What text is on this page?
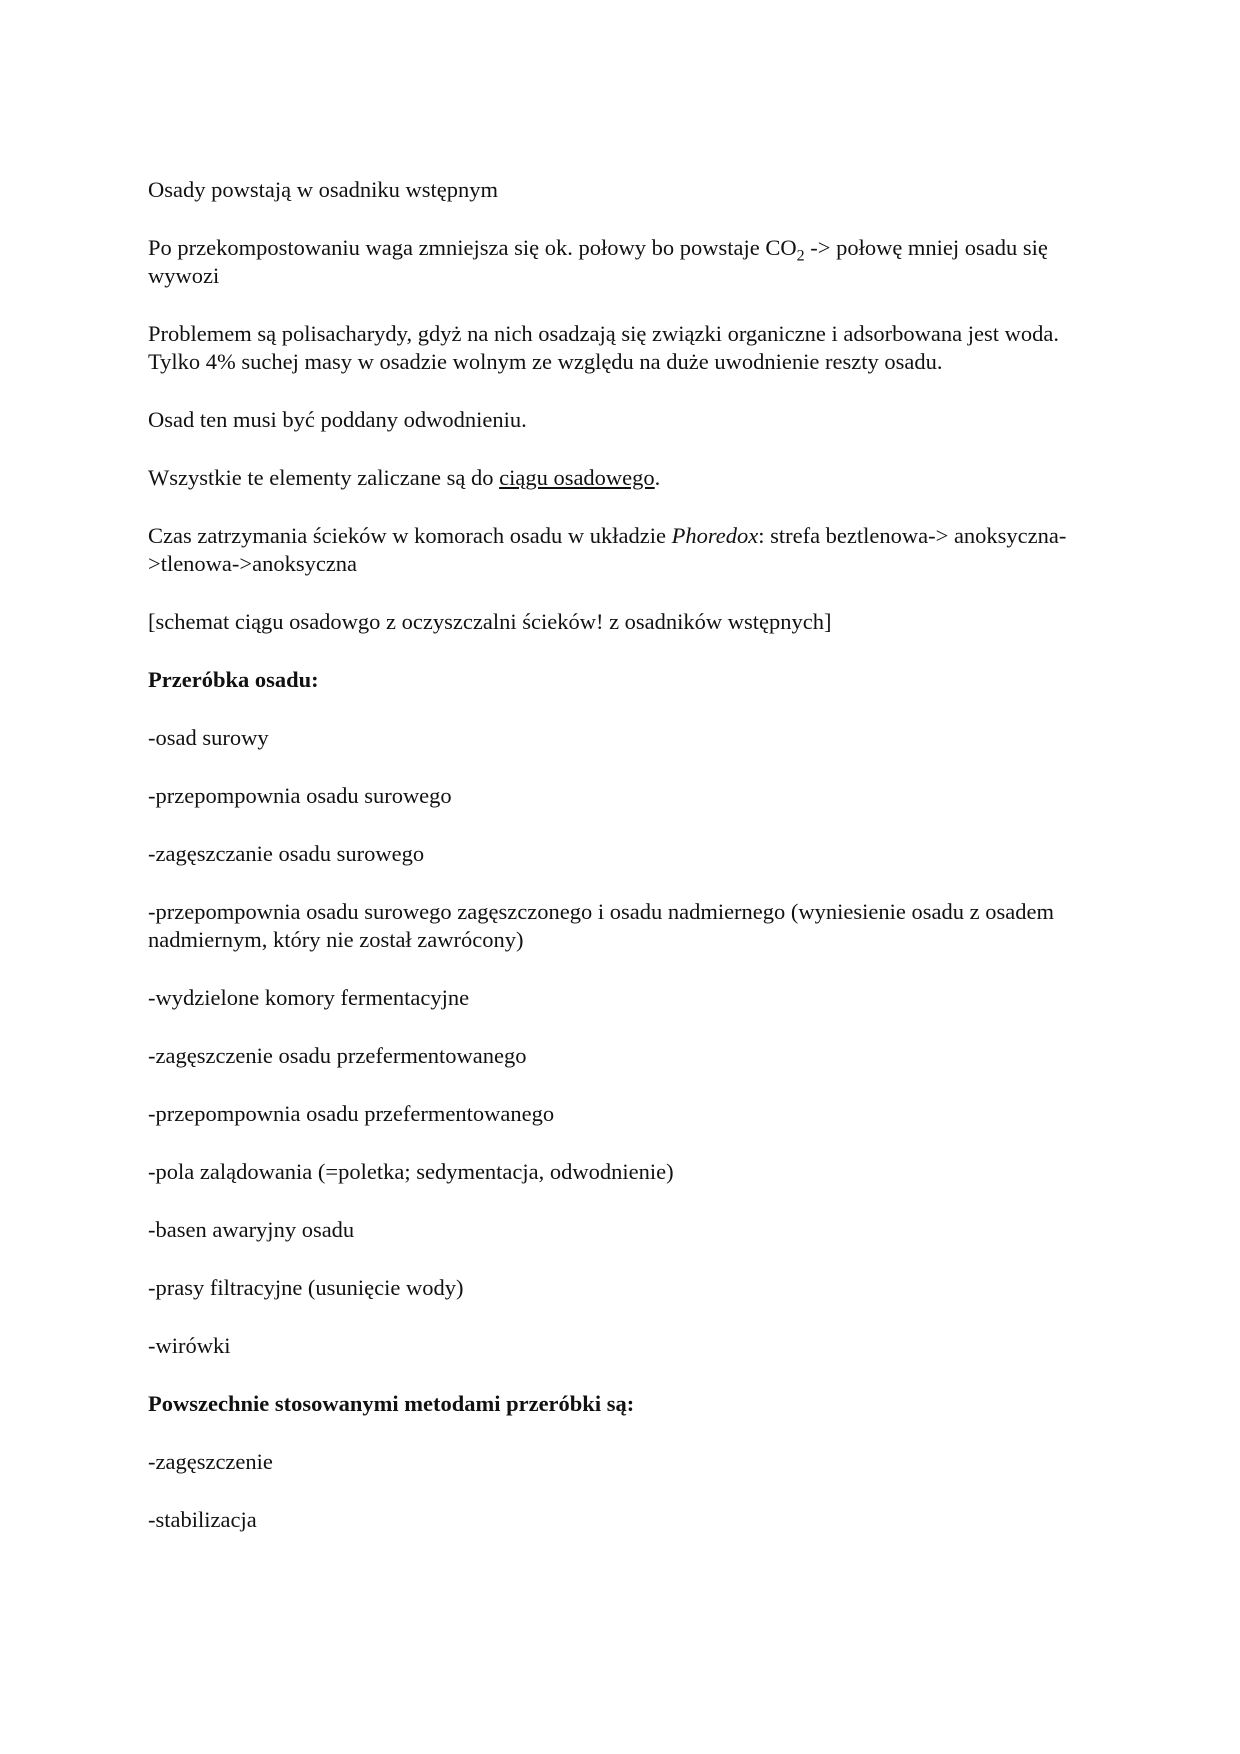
Osady powstają w osadniku wstępnym

Po przekompostowaniu waga zmniejsza się ok. połowy bo powstaje $CO_2$ -> połowę mniej osadu się wywozi

Problemem są polisacharydy, gdyż na nich osadzają się związki organiczne i adsorbowana jest woda. Tylko 4% suchej masy w osadzie wolnym ze względu na duże uwodnienie reszty osadu.

Osad ten musi być poddany odwodnieniu.

Wszystkie te elementy zaliczane są do ciągu osadowego.

Czas zatrzymania ścieków w komorach osadu w układzie Phoredox: strefa beztlenowa-> anoksyczna->tlenowa->anoksyczna

[schemat ciągu osadowgo z oczyszczalni ścieków! z osadników wstępnych]

Przeróbka osadu:

-osad surowy

-przepompownia osadu surowego

-zagęszczanie osadu surowego

-przepompownia osadu surowego zagęszczonego i osadu nadmiernego (wyniesienie osadu z osadem nadmiernym, który nie został zawrócony)

-wydzielone komory fermentacyjne

-zagęszczenie osadu przefermentowanego

-przepompownia osadu przefermentowanego

-pola zalądowania (=poletka; sedymentacja, odwodnienie)

-basen awaryjny osadu

-prasy filtracyjne (usunięcie wody)

-wirówki

Powszechnie stosowanymi metodami przeróbki są:

-zagęszczenie

-stabilizacja
